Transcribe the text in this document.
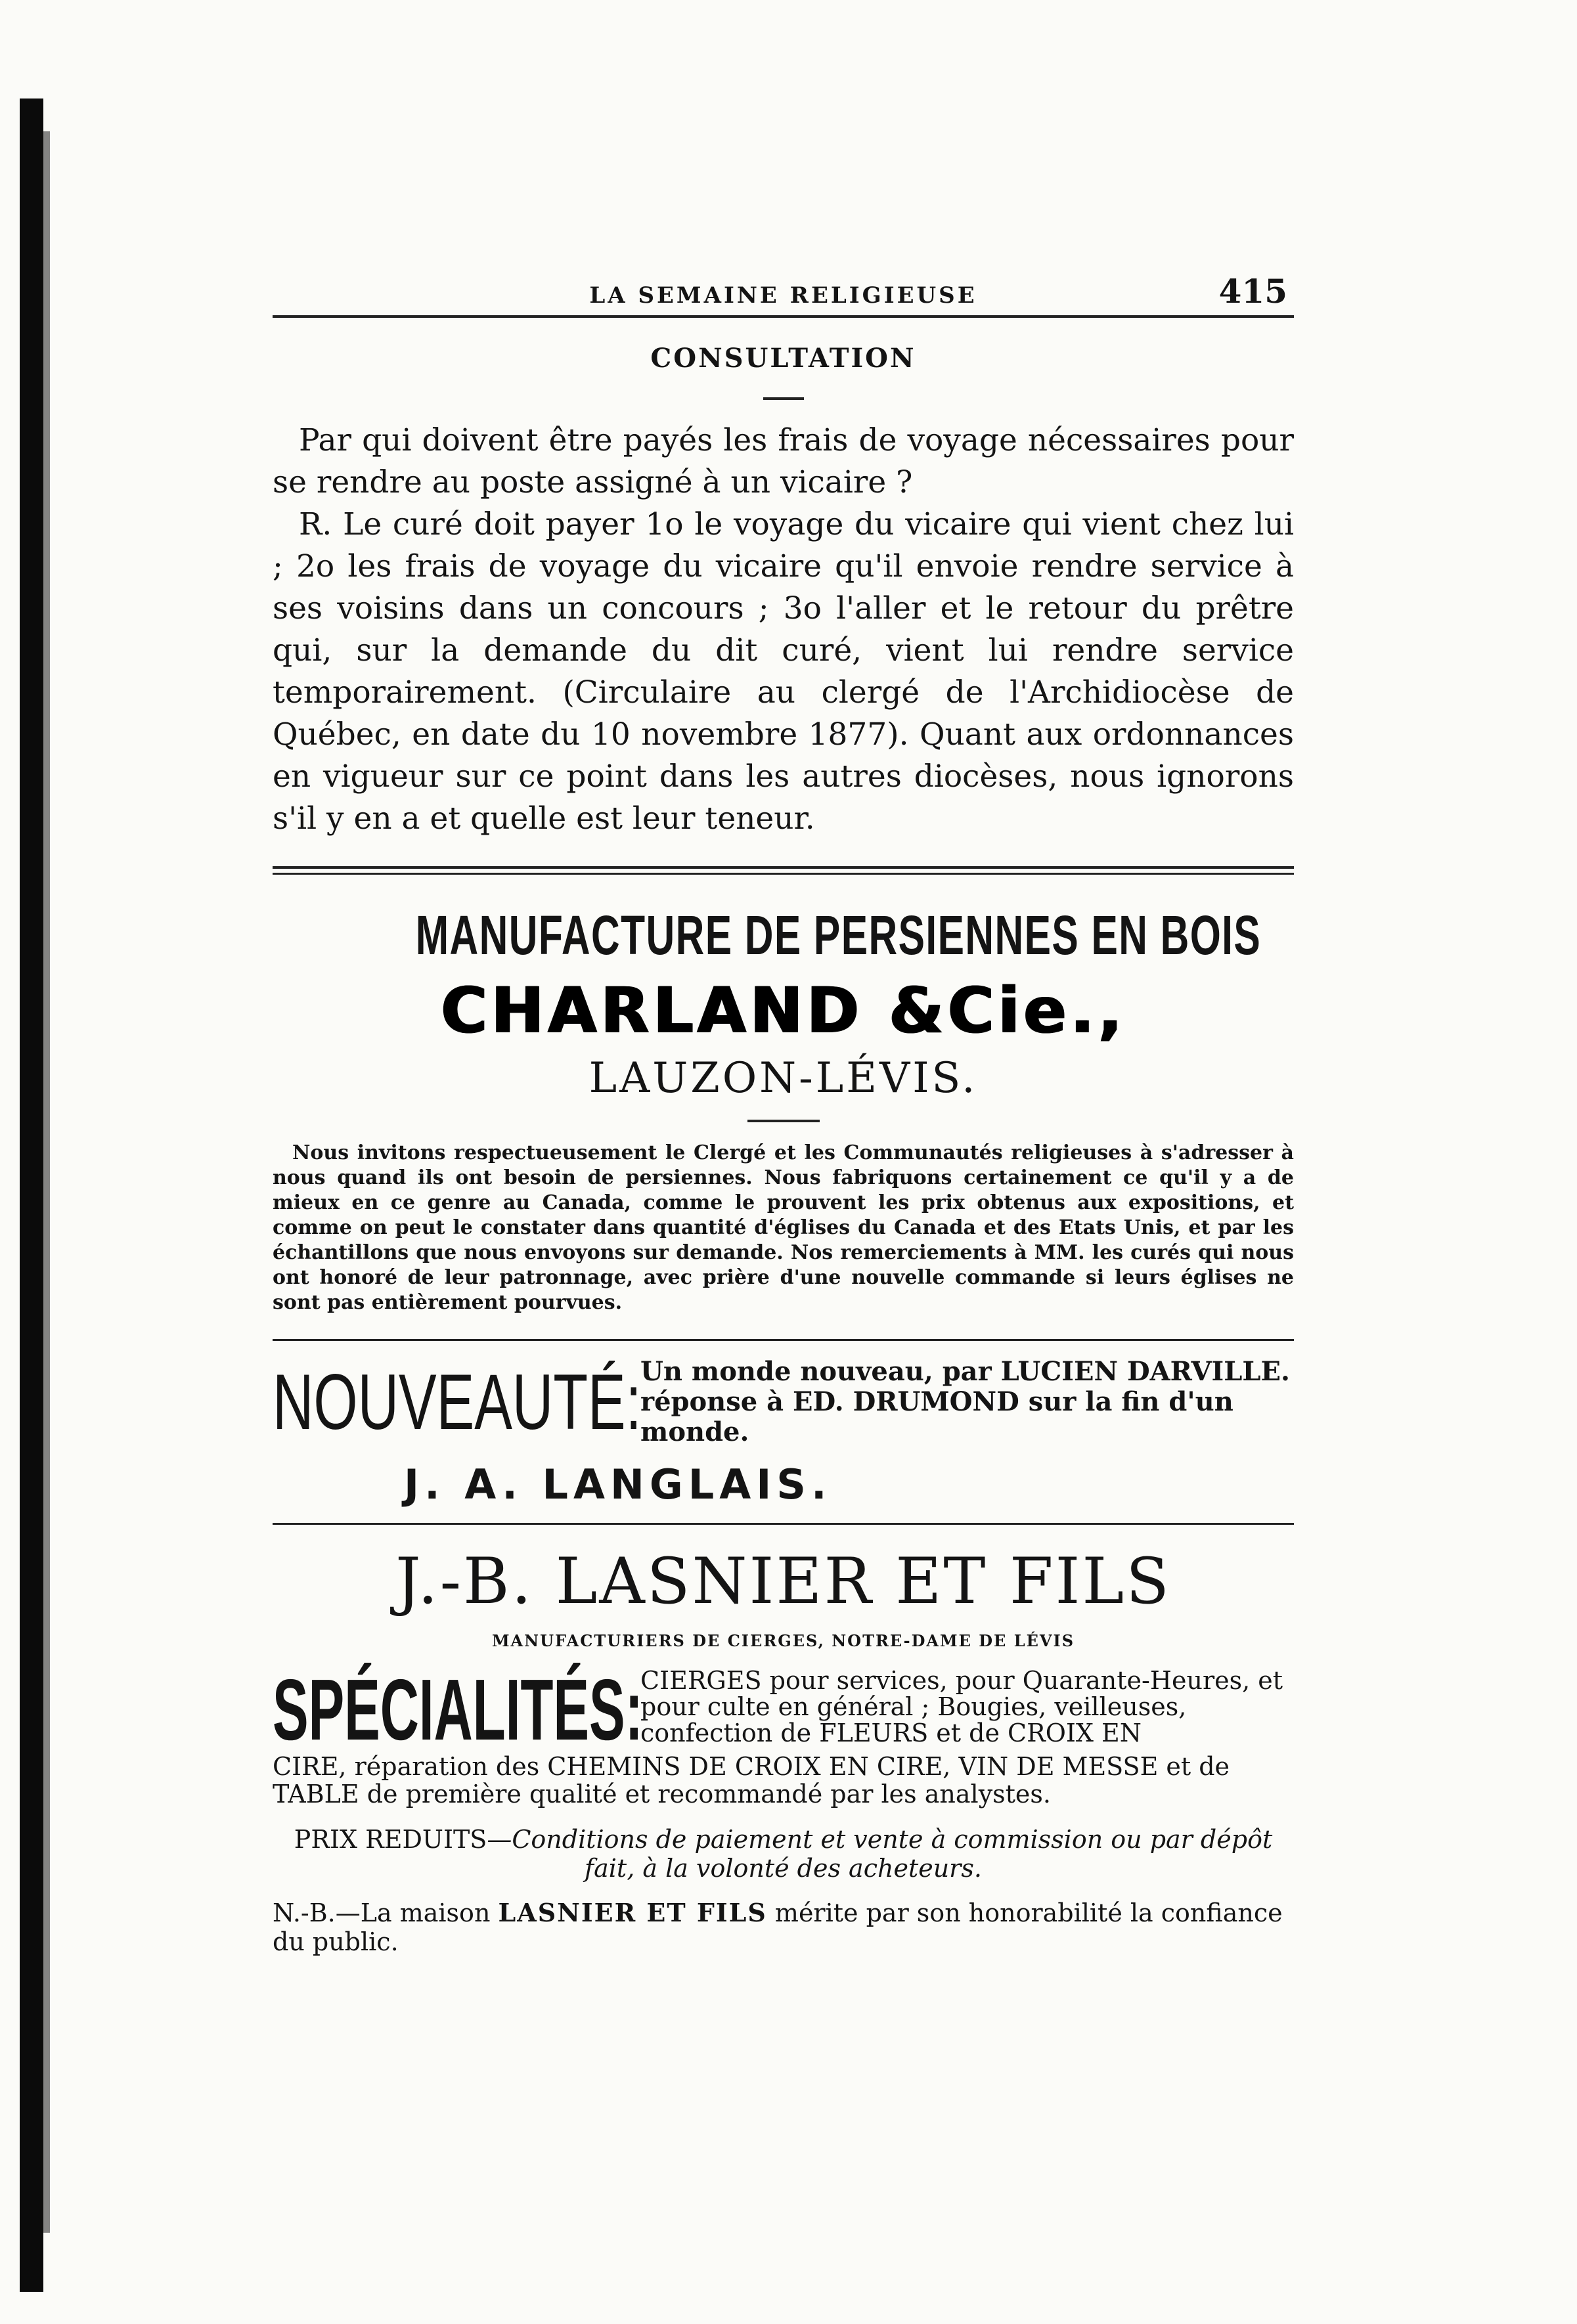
LA SEMAINE RELIGIEUSE	415
CONSULTATION

Par qui doivent être payés les frais de voyage nécessaires pour se rendre au poste assigné à un vicaire ?

R. Le curé doit payer 1o le voyage du vicaire qui vient chez lui ; 2o les frais de voyage du vicaire qu'il envoie rendre service à ses voisins dans un concours ; 3o l'aller et le retour du prêtre qui, sur la demande du dit curé, vient lui rendre service temporairement. (Circulaire au clergé de l'Archidiocèse de Québec, en date du 10 novembre 1877). Quant aux ordonnances en vigueur sur ce point dans les autres diocèses, nous ignorons s'il y en a et quelle est leur teneur.

MANUFACTURE DE PERSIENNES EN BOIS
CHARLAND &Cie.,
LAUZON-LÉVIS.

Nous invitons respectueusement le Clergé et les Communautés religieuses à s'adresser à nous quand ils ont besoin de persiennes. Nous fabriquons certainement ce qu'il y a de mieux en ce genre au Canada, comme le prouvent les prix obtenus aux expositions, et comme on peut le constater dans quantité d'églises du Canada et des Etats Unis, et par les échantillons que nous envoyons sur demande. Nos remerciements à MM. les curés qui nous ont honoré de leur patronnage, avec prière d'une nouvelle commande si leurs églises ne sont pas entièrement pourvues.

NOUVEAUTÉ:
Un monde nouveau, par LUCIEN DARVILLE.
réponse à ED. DRUMOND sur la fin d'un monde.
J. A. LANGLAIS.
J.-B. LASNIER ET FILS
MANUFACTURIERS DE CIERGES, NOTRE-DAME DE LÉVIS
SPÉCIALITÉS:
CIERGES pour services, pour Quarante-Heures, et pour culte en général ; Bougies, veilleuses, confection de FLEURS et de CROIX EN
CIRE, réparation des CHEMINS DE CROIX EN CIRE, VIN DE MESSE et de TABLE de première qualité et recommandé par les analystes.
PRIX REDUITS—Conditions de paiement et vente à commission ou par dépôt fait, à la volonté des acheteurs.
N.-B.—La maison LASNIER ET FILS mérite par son honorabilité la confiance du public.
